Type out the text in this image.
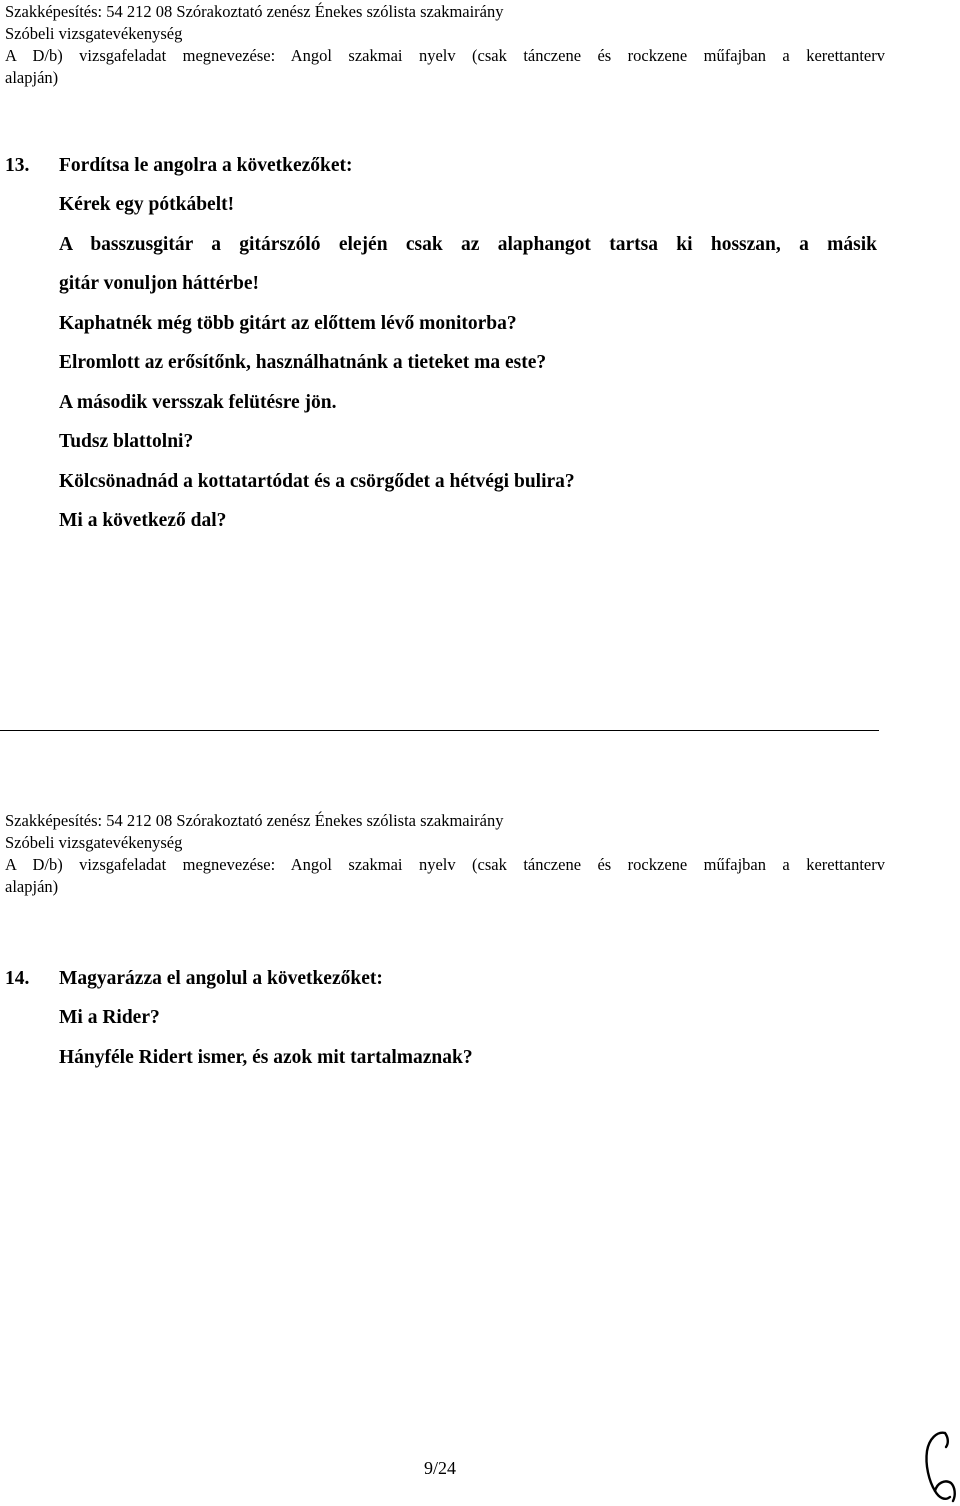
Szakképesítés: 54 212 08 Szórakoztató zenész Énekes szólista szakmairány
Szóbeli vizsgatevékenység
A D/b) vizsgafeladat megnevezése: Angol szakmai nyelv (csak tánczene és rockzene műfajban a kerettanterv
alapján)
13.	Fordítsa le angolra a következőket:
Kérek egy pótkábelt!
A basszusgitár a gitárszóló elején csak az alaphangot tartsa ki hosszan, a másik
gitár vonuljon háttérbe!
Kaphatnék még több gitárt az előttem lévő monitorba?
Elromlott az erősítőnk, használhatnánk a tieteket ma este?
A második versszak felütésre jön.
Tudsz blattolni?
Kölcsönadnád a kottatartódat és a csörgődet a hétvégi bulira?
Mi a következő dal?
Szakképesítés: 54 212 08 Szórakoztató zenész Énekes szólista szakmairány
Szóbeli vizsgatevékenység
A D/b) vizsgafeladat megnevezése: Angol szakmai nyelv (csak tánczene és rockzene műfajban a kerettanterv
alapján)
14.	Magyarázza el angolul a következőket:
Mi a Rider?
Hányféle Ridert ismer, és azok mit tartalmaznak?
9/24
